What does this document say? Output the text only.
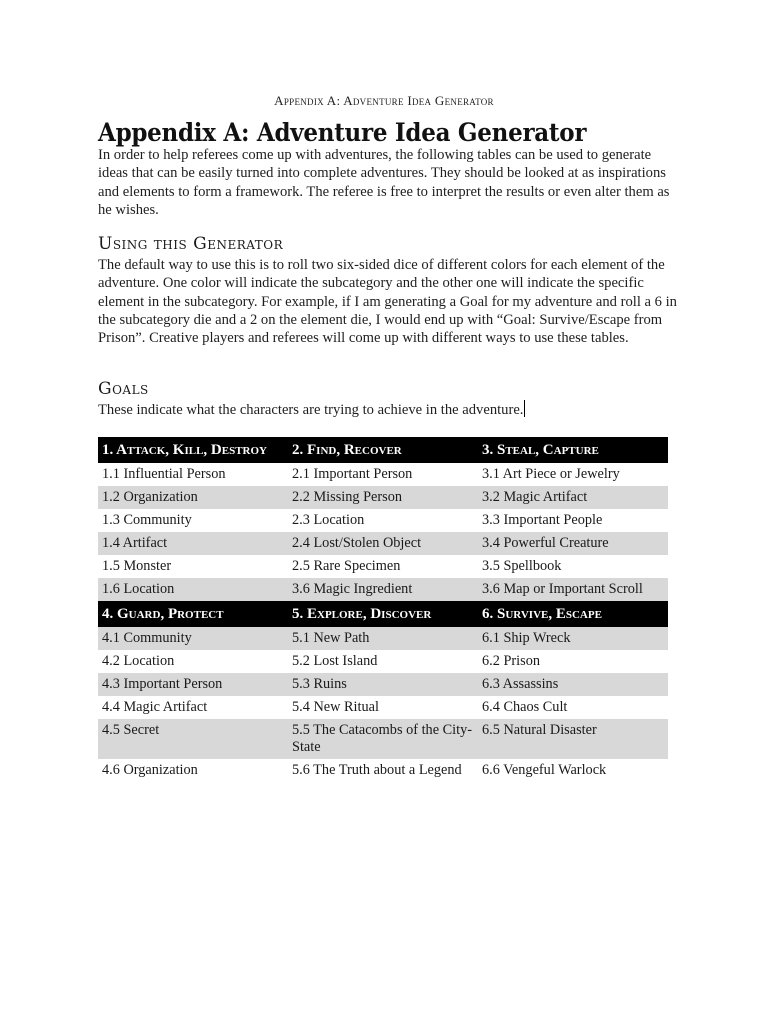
Appendix A: Adventure Idea Generator
Appendix A: Adventure Idea Generator

In order to help referees come up with adventures, the following tables can be used to generate ideas that can be easily turned into complete adventures. They should be looked at as inspirations and elements to form a framework. The referee is free to interpret the results or even alter them as he wishes.

Using this Generator

The default way to use this is to roll two six-sided dice of different colors for each element of the adventure. One color will indicate the subcategory and the other one will indicate the specific element in the subcategory. For example, if I am generating a Goal for my adventure and roll a 6 in the subcategory die and a 2 on the element die, I would end up with “Goal: Survive/Escape from Prison”. Creative players and referees will come up with different ways to use these tables.

Goals

These indicate what the characters are trying to achieve in the adventure.

1. Attack, Kill, Destroy	2. Find, Recover	3. Steal, Capture
1.1 Influential Person	2.1 Important Person	3.1 Art Piece or Jewelry
1.2 Organization	2.2 Missing Person	3.2 Magic Artifact
1.3 Community	2.3 Location	3.3 Important People
1.4 Artifact	2.4 Lost/Stolen Object	3.4 Powerful Creature
1.5 Monster	2.5 Rare Specimen	3.5 Spellbook
1.6 Location	3.6 Magic Ingredient	3.6 Map or Important Scroll
4. Guard, Protect	5. Explore, Discover	6. Survive, Escape
4.1 Community	5.1 New Path	6.1 Ship Wreck
4.2 Location	5.2 Lost Island	6.2 Prison
4.3 Important Person	5.3 Ruins	6.3 Assassins
4.4 Magic Artifact	5.4 New Ritual	6.4 Chaos Cult
4.5 Secret	5.5 The Catacombs of the City-State	6.5 Natural Disaster
4.6 Organization	5.6 The Truth about a Legend	6.6 Vengeful Warlock
